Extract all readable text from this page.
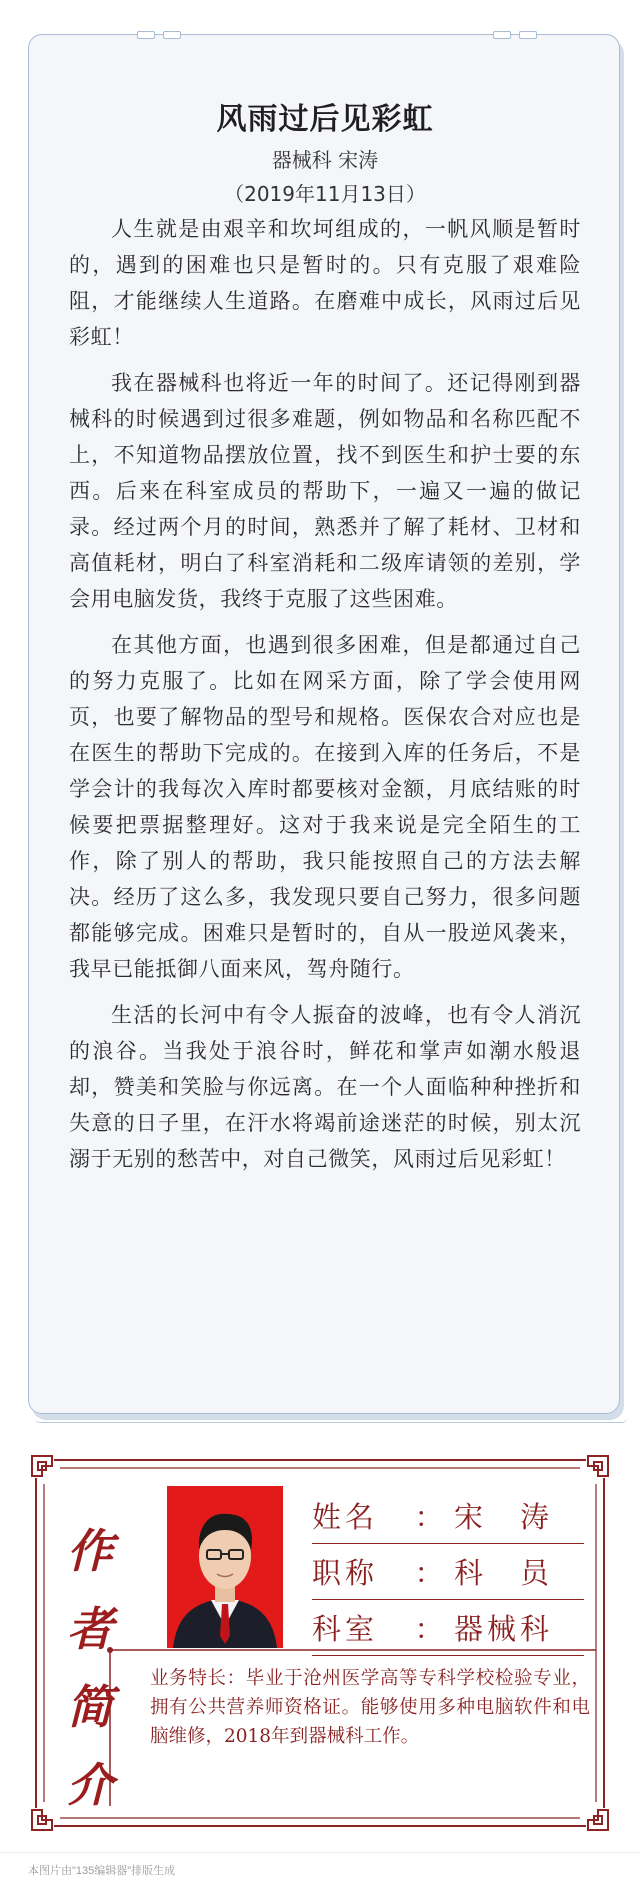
风雨过后见彩虹
器械科 宋涛
（2019年11月13日）

人生就是由艰辛和坎坷组成的，一帆风顺是暂时的，遇到的困难也只是暂时的。只有克服了艰难险阻，才能继续人生道路。在磨难中成长，风雨过后见彩虹！

我在器械科也将近一年的时间了。还记得刚到器械科的时候遇到过很多难题，例如物品和名称匹配不上，不知道物品摆放位置，找不到医生和护士要的东西。后来在科室成员的帮助下，一遍又一遍的做记录。经过两个月的时间，熟悉并了解了耗材、卫材和高值耗材，明白了科室消耗和二级库请领的差别，学会用电脑发货，我终于克服了这些困难。

在其他方面，也遇到很多困难，但是都通过自己的努力克服了。比如在网采方面，除了学会使用网页，也要了解物品的型号和规格。医保农合对应也是在医生的帮助下完成的。在接到入库的任务后，不是学会计的我每次入库时都要核对金额，月底结账的时候要把票据整理好。这对于我来说是完全陌生的工作，除了别人的帮助，我只能按照自己的方法去解决。经历了这么多，我发现只要自己努力，很多问题都能够完成。困难只是暂时的，自从一股逆风袭来，我早已能抵御八面来风，驾舟随行。

生活的长河中有令人振奋的波峰，也有令人消沉的浪谷。当我处于浪谷时，鲜花和掌声如潮水般退却，赞美和笑脸与你远离。在一个人面临种种挫折和失意的日子里，在汗水将竭前途迷茫的时候，别太沉溺于无别的愁苦中，对自己微笑，风雨过后见彩虹！

作
者
简
介
姓名	： 宋　涛
职称	： 科　员
科室	： 器械科

业务特长：毕业于沧州医学高等专科学校检验专业，拥有公共营养师资格证。能够使用多种电脑软件和电脑维修，2018年到器械科工作。

本图片由"135编辑器"排版生成
